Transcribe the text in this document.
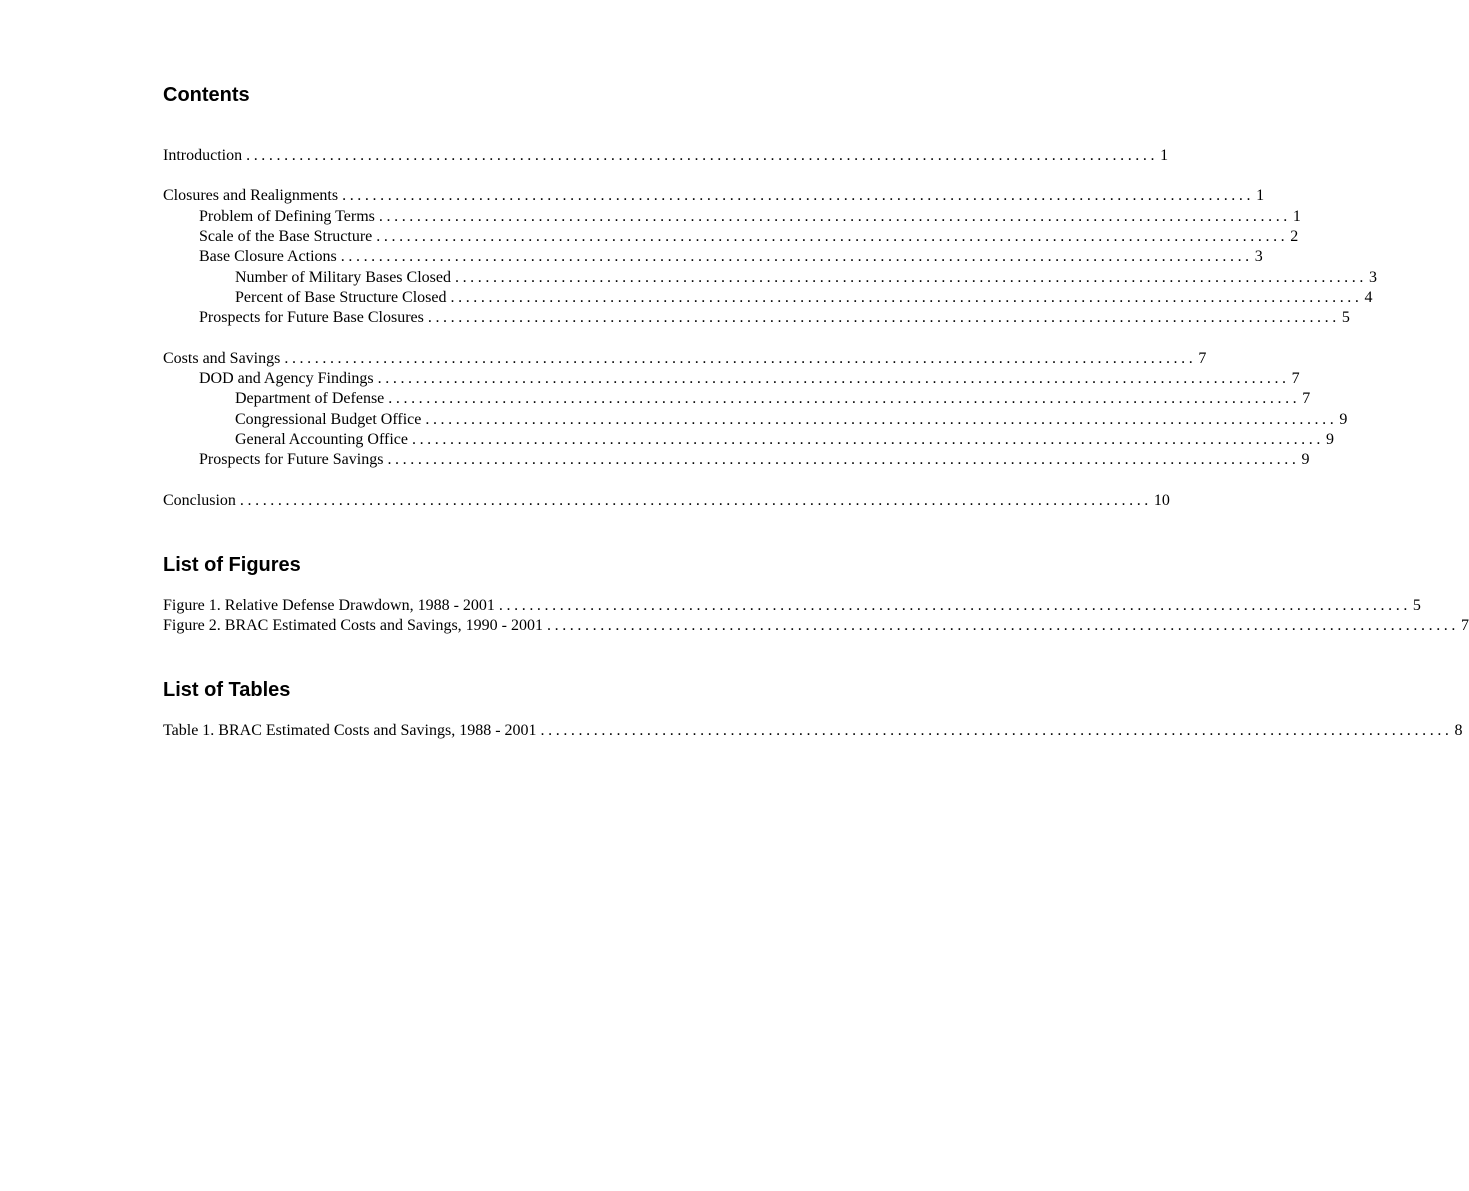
Contents
Introduction ........................................................................................................................ 1
Closures and Realignments ........................................................................................................................ 1
Problem of Defining Terms ........................................................................................................................ 1
Scale of the Base Structure ........................................................................................................................ 2
Base Closure Actions ........................................................................................................................ 3
Number of Military Bases Closed ........................................................................................................................ 3
Percent of Base Structure Closed ........................................................................................................................ 4
Prospects for Future Base Closures ........................................................................................................................ 5
Costs and Savings ........................................................................................................................ 7
DOD and Agency Findings ........................................................................................................................ 7
Department of Defense ........................................................................................................................ 7
Congressional Budget Office ........................................................................................................................ 9
General Accounting Office ........................................................................................................................ 9
Prospects for Future Savings ........................................................................................................................ 9
Conclusion ........................................................................................................................ 10
List of Figures
Figure 1. Relative Defense Drawdown, 1988 - 2001 ........................................................................................................................ 5
Figure 2. BRAC Estimated Costs and Savings, 1990 - 2001 ........................................................................................................................ 7
List of Tables
Table 1. BRAC Estimated Costs and Savings, 1988 - 2001 ........................................................................................................................ 8
